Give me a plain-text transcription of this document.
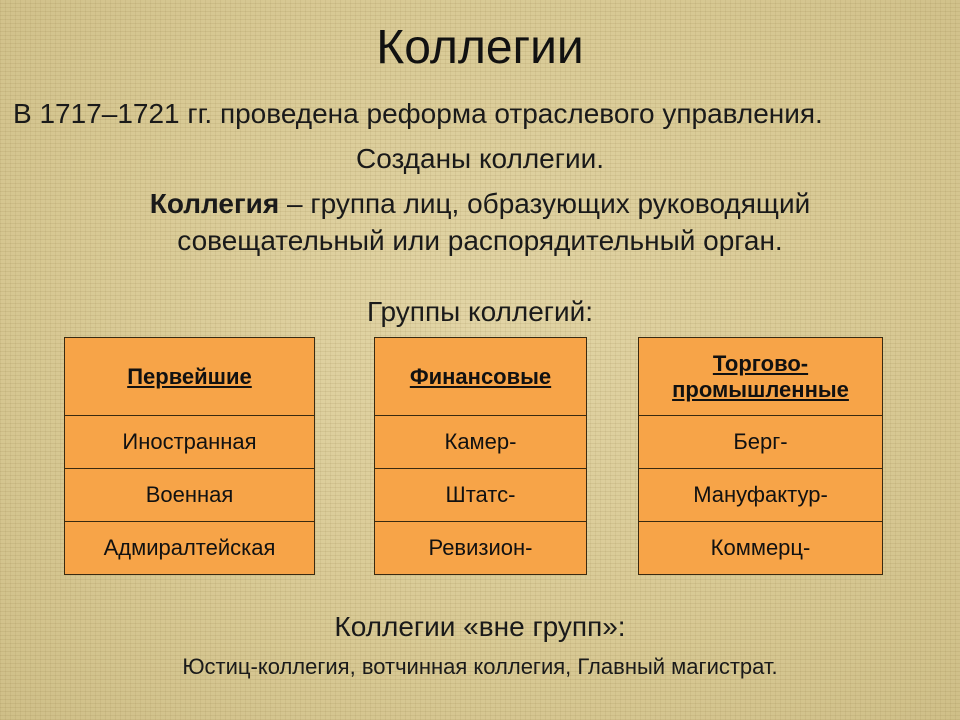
Коллегии
В 1717–1721 гг. проведена реформа отраслевого управления.
Созданы коллегии.
Коллегия – группа лиц, образующих руководящий
совещательный или распорядительный орган.
Группы коллегий:
Первейшие
Иностранная
Военная
Адмиралтейская
Финансовые
Камер-
Штатс-
Ревизион-
Торгово-
промышленные
Берг-
Мануфактур-
Коммерц-
Коллегии «вне групп»:
Юстиц-коллегия, вотчинная коллегия, Главный магистрат.
